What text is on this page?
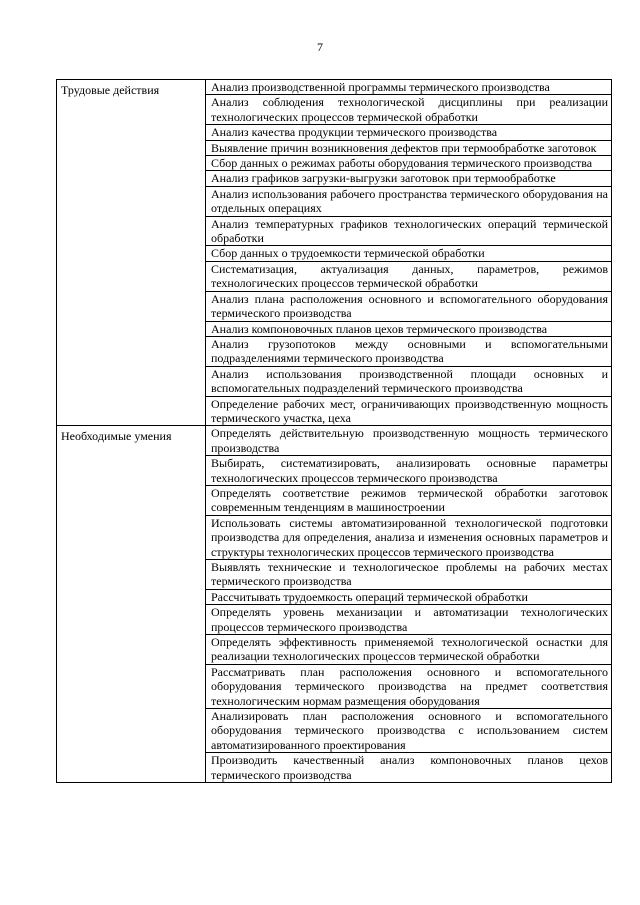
7
Трудовые действия	Анализ производственной программы термического производства
	Анализ соблюдения технологической дисциплины при реализации технологических процессов термической обработки
	Анализ качества продукции термического производства
	Выявление причин возникновения дефектов при термообработке заготовок
	Сбор данных о режимах работы оборудования термического производства
	Анализ графиков загрузки-выгрузки заготовок при термообработке
	Анализ использования рабочего пространства термического оборудования на отдельных операциях
	Анализ температурных графиков технологических операций термической обработки
	Сбор данных о трудоемкости термической обработки
	Систематизация, актуализация данных, параметров, режимов технологических процессов термической обработки
	Анализ плана расположения основного и вспомогательного оборудования термического производства
	Анализ компоновочных планов цехов термического производства
	Анализ грузопотоков между основными и вспомогательными подразделениями термического производства
	Анализ использования производственной площади основных и вспомогательных подразделений термического производства
	Определение рабочих мест, ограничивающих производственную мощность термического участка, цеха
Необходимые умения	Определять действительную производственную мощность термического производства
	Выбирать, систематизировать, анализировать основные параметры технологических процессов термического производства
	Определять соответствие режимов термической обработки заготовок современным тенденциям в машиностроении
	Использовать системы автоматизированной технологической подготовки производства для определения, анализа и изменения основных параметров и структуры технологических процессов термического производства
	Выявлять технические и технологическое проблемы на рабочих местах термического производства
	Рассчитывать трудоемкость операций термической обработки
	Определять уровень механизации и автоматизации технологических процессов термического производства
	Определять эффективность применяемой технологической оснастки для реализации технологических процессов термической обработки
	Рассматривать план расположения основного и вспомогательного оборудования термического производства на предмет соответствия технологическим нормам размещения оборудования
	Анализировать план расположения основного и вспомогательного оборудования термического производства с использованием систем автоматизированного проектирования
	Производить качественный анализ компоновочных планов цехов термического производства
